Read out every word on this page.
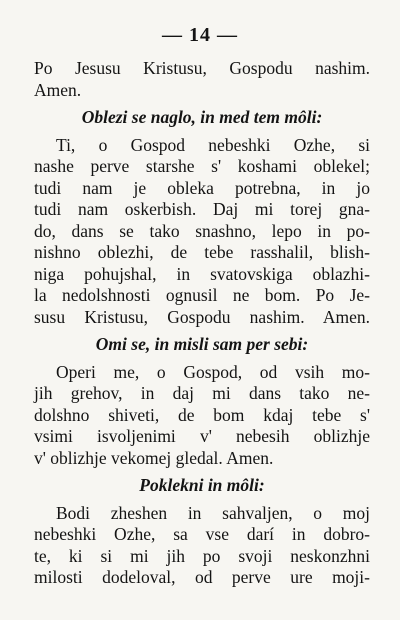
— 14 —
Po Jesusu Kristusu, Gospodu nashim.
Amen.
Oblezi se naglo, in med tem môli:
Ti, o Gospod nebeshki Ozhe, si
nashe perve starshe s' koshami oblekel;
tudi nam je obleka potrebna, in jo
tudi nam oskerbish. Daj mi torej gna-
do, dans se tako snashno, lepo in po-
nishno oblezhi, de tebe rasshalil, blish-
niga pohujshal, in svatovskiga oblazhi-
la nedolshnosti ognusil ne bom. Po Je-
susu Kristusu, Gospodu nashim. Amen.
Omi se, in misli sam per sebi:
Operi me, o Gospod, od vsih mo-
jih grehov, in daj mi dans tako ne-
dolshno shiveti, de bom kdaj tebe s'
vsimi isvoljenimi v' nebesih oblizhje
v' oblizhje vekomej gledal. Amen.
Poklekni in môli:
Bodi zheshen in sahvaljen, o moj
nebeshki Ozhe, sa vse darí in dobro-
te, ki si mi jih po svoji neskonzhni
milosti dodeloval, od perve ure moji-
